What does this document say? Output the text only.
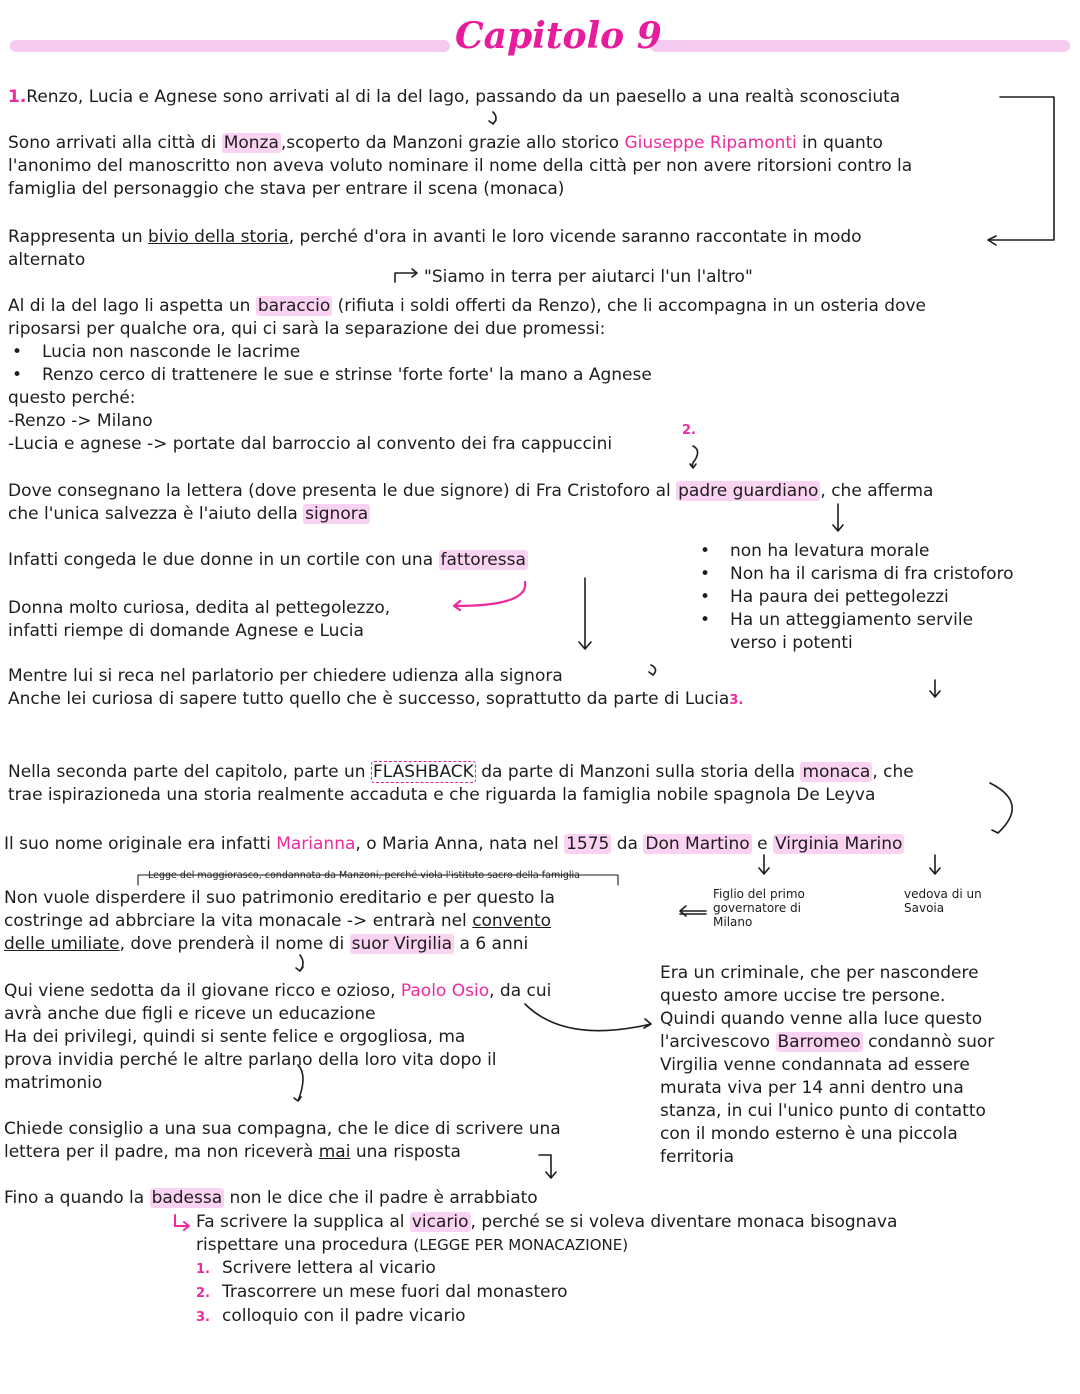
Capitolo 9
1.Renzo, Lucia e Agnese sono arrivati al di la del lago, passando da un paesello a una realtà sconosciuta
Sono arrivati alla città di Monza ,scoperto da Manzoni grazie allo storico Giuseppe Ripamonti in quanto
l'anonimo del manoscritto non aveva voluto nominare il nome della città per non avere ritorsioni contro la
famiglia del personaggio che stava per entrare il scena (monaca)
Rappresenta un bivio della storia, perché d'ora in avanti le loro vicende saranno raccontate in modo
alternato
"Siamo in terra per aiutarci l'un l'altro"
Al di la del lago li aspetta un baraccio (rifiuta i soldi offerti da Renzo), che li accompagna in un osteria dove
riposarsi per qualche ora, qui ci sarà la separazione dei due promessi:
• Lucia non nasconde le lacrime
• Renzo cerco di trattenere le sue e strinse 'forte forte' la mano a Agnese
questo perché:
-Renzo -> Milano
-Lucia e agnese -> portate dal barroccio al convento dei fra cappuccini
2.
Dove consegnano la lettera (dove presenta le due signore) di Fra Cristoforo al padre guardiano , che afferma
che l'unica salvezza è l'aiuto della signora
• non ha levatura morale
• Non ha il carisma di fra cristoforo
• Ha paura dei pettegolezzi
• Ha un atteggiamento servile verso i potenti
Infatti congeda le due donne in un cortile con una fattoressa
Donna molto curiosa, dedita al pettegolezzo,
infatti riempe di domande Agnese e Lucia
Mentre lui si reca nel parlatorio per chiedere udienza alla signora
Anche lei curiosa di sapere tutto quello che è successo, soprattutto da parte di Lucia3.
Nella seconda parte del capitolo, parte un FLASHBACK da parte di Manzoni sulla storia della monaca , che
trae ispirazioneda una storia realmente accaduta e che riguarda la famiglia nobile spagnola De Leyva
Il suo nome originale era infatti Marianna, o Maria Anna, nata nel 1575 da Don Martino e Virginia Marino
Figlio del primo governatore di Milano
vedova di un Savoia
Legge del maggiorasco, condannata da Manzoni, perché viola l'istituto sacro della famiglia
Non vuole disperdere il suo patrimonio ereditario e per questo la
costringe ad abbrciare la vita monacale -> entrarà nel convento
delle umiliate, dove prenderà il nome di suor Virgilia a 6 anni
Qui viene sedotta da il giovane ricco e ozioso, Paolo Osio, da cui
avrà anche due figli e riceve un educazione
Ha dei privilegi, quindi si sente felice e orgogliosa, ma
prova invidia perché le altre parlano della loro vita dopo il
matrimonio
Era un criminale, che per nascondere
questo amore uccise tre persone.
Quindi quando venne alla luce questo
l'arcivescovo Barromeo condannò suor
Virgilia venne condannata ad essere
murata viva per 14 anni dentro una
stanza, in cui l'unico punto di contatto
con il mondo esterno è una piccola
ferritoria
Chiede consiglio a una sua compagna, che le dice di scrivere una
lettera per il padre, ma non riceverà mai una risposta
Fino a quando la badessa non le dice che il padre è arrabbiato
Fa scrivere la supplica al vicario , perché se si voleva diventare monaca bisognava
rispettare una procedura (LEGGE PER MONACAZIONE)
1. Scrivere lettera al vicario
2. Trascorrere un mese fuori dal monastero
3. colloquio con il padre vicario
